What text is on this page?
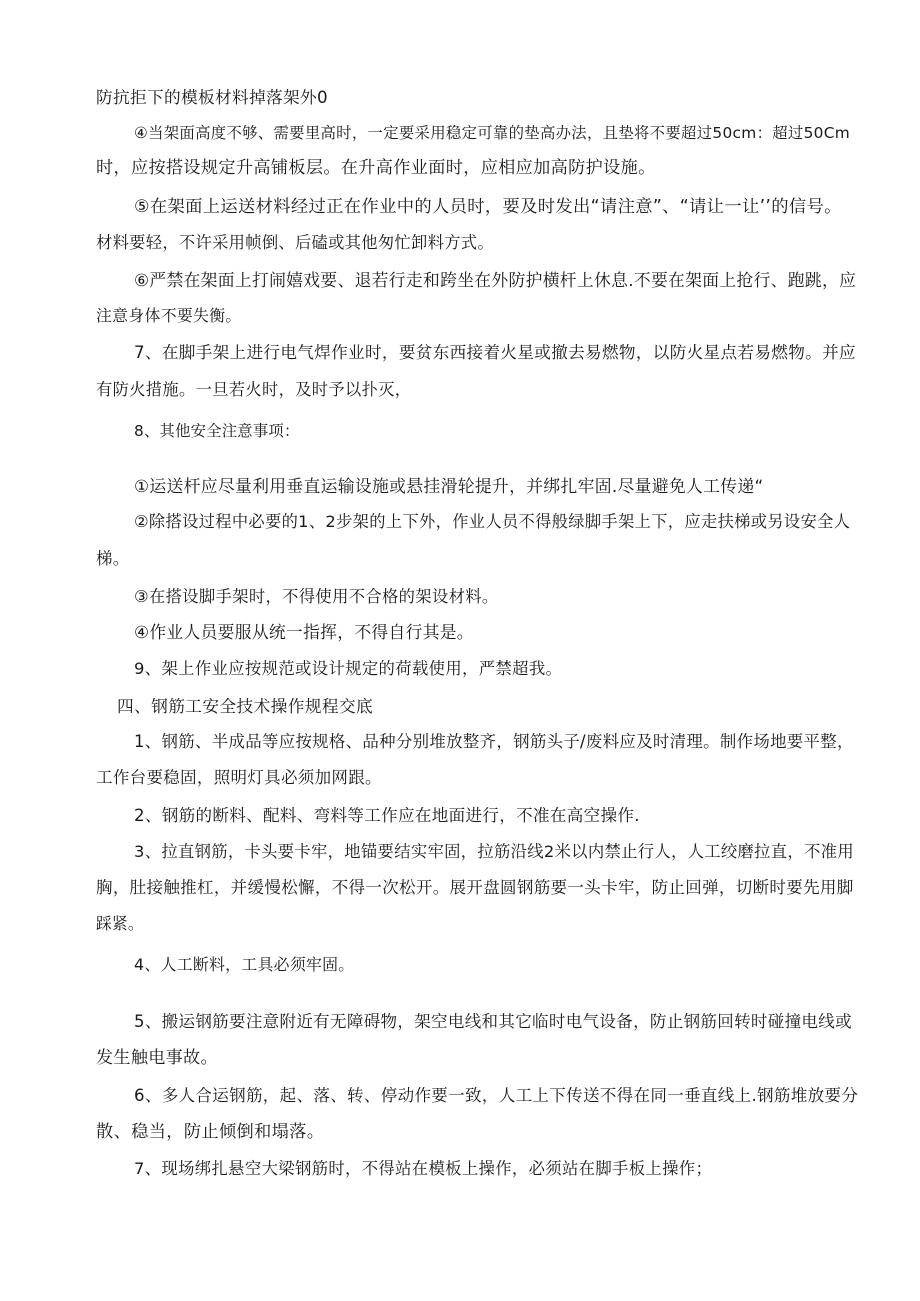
防抗拒下的模板材料掉落架外0
④当架面高度不够、需要里高时，一定要采用稳定可靠的垫高办法，且垫将不要超过50cm：超过50Cm
时，应按搭设规定升高铺板层。在升高作业面时，应相应加高防护设施。
⑤在架面上运送材料经过正在作业中的人员时，要及时发出“请注意”、“请让一让’’的信号。
材料要轻，不许采用帧倒、后磕或其他匆忙卸料方式。
⑥严禁在架面上打闹嬉戏要、退若行走和跨坐在外防护横杆上休息.不要在架面上抢行、跑跳，应
注意身体不要失衡。
7、在脚手架上进行电气焊作业时，要贫东西接着火星或撤去易燃物，以防火星点若易燃物。并应
有防火措施。一旦若火时，及时予以扑灭，
8、其他安全注意事项：
①运送杆应尽量利用垂直运输设施或悬挂滑轮提升，并绑扎牢固.尽量避免人工传递“
②除搭设过程中必要的1、2步架的上下外，作业人员不得般绿脚手架上下，应走扶梯或另设安全人
梯。
③在搭设脚手架时，不得使用不合格的架设材料。
④作业人员要服从统一指挥，不得自行其是。
9、架上作业应按规范或设计规定的荷载使用，严禁超我。
四、钢筋工安全技术操作规程交底
1、钢筋、半成品等应按规格、品种分别堆放整齐，钢筋头子/废料应及时清理。制作场地要平整，
工作台要稳固，照明灯具必须加网跟。
2、钢筋的断料、配料、弯料等工作应在地面进行，不准在高空操作.
3、拉直钢筋，卡头要卡牢，地锚要结实牢固，拉筋沿线2米以内禁止行人，人工绞磨拉直，不准用
胸，肚接触推杠，并缓慢松懈，不得一次松开。展开盘圆钢筋要一头卡牢，防止回弹，切断时要先用脚
踩紧。
4、人工断料，工具必须牢固。
5、搬运钢筋要注意附近有无障碍物，架空电线和其它临时电气设备，防止钢筋回转时碰撞电线或
发生触电事故。
6、多人合运钢筋，起、落、转、停动作要一致，人工上下传送不得在同一垂直线上.钢筋堆放要分
散、稳当，防止倾倒和塌落。
7、现场绑扎悬空大梁钢筋时，不得站在模板上操作，必须站在脚手板上操作；
